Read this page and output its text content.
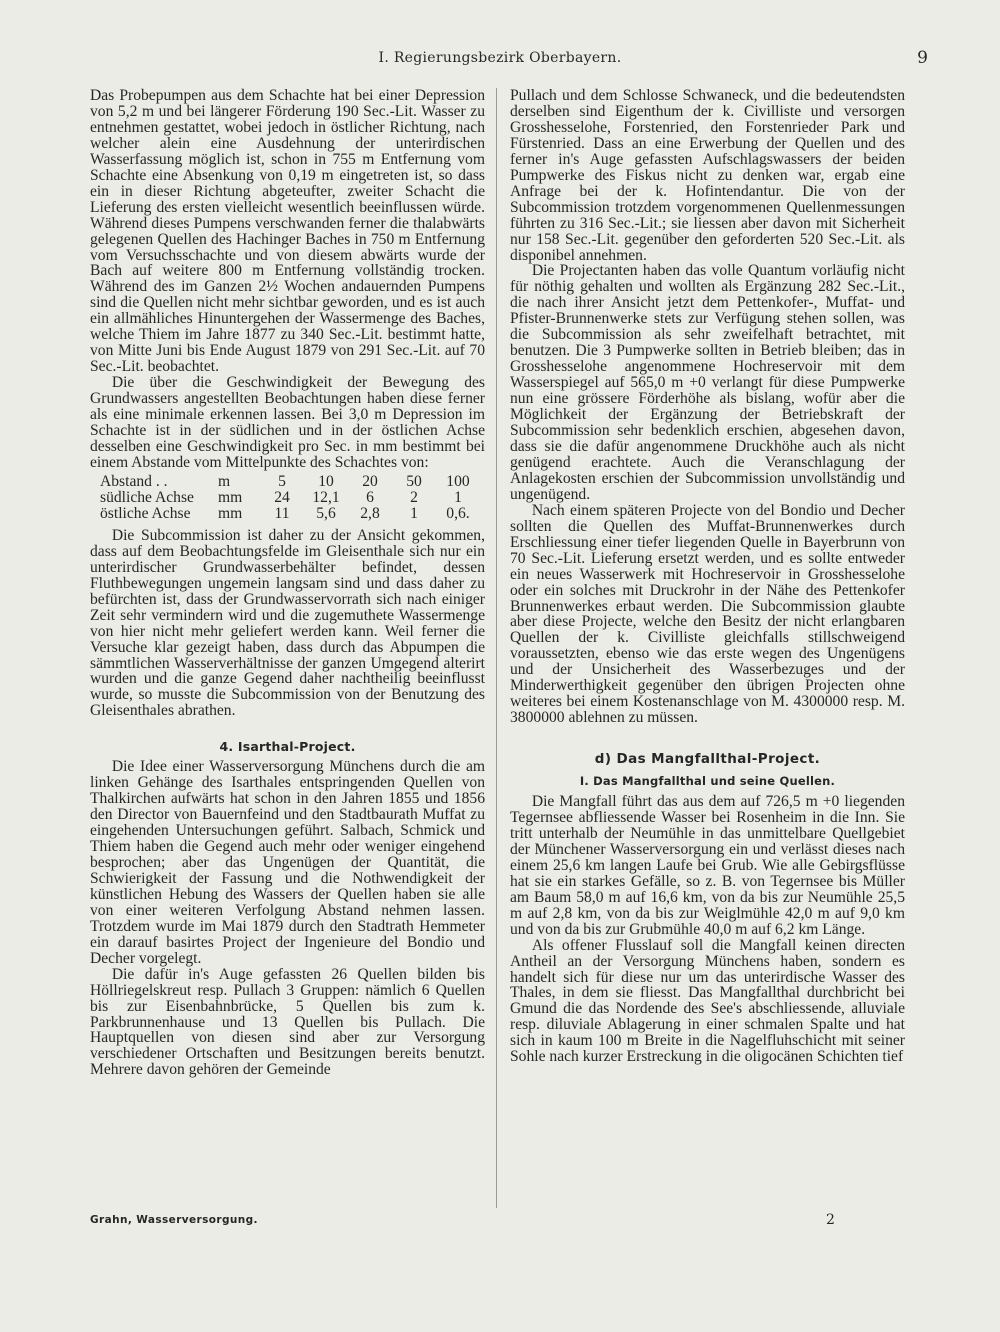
I. Regierungsbezirk Oberbayern.	9

Das Probepumpen aus dem Schachte hat bei einer Depression von 5,2 m und bei längerer Förderung 190 Sec.-Lit. Wasser zu entnehmen gestattet, wobei jedoch in östlicher Richtung, nach welcher alein eine Ausdehnung der unterirdischen Wasserfassung möglich ist, schon in 755 m Entfernung vom Schachte eine Absenkung von 0,19 m eingetreten ist, so dass ein in dieser Richtung abgeteufter, zweiter Schacht die Lieferung des ersten vielleicht wesentlich beeinflussen würde. Während dieses Pumpens verschwanden ferner die thalabwärts gelegenen Quellen des Hachinger Baches in 750 m Entfernung vom Versuchsschachte und von diesem abwärts wurde der Bach auf weitere 800 m Entfernung vollständig trocken. Während des im Ganzen 2½ Wochen andauernden Pumpens sind die Quellen nicht mehr sichtbar geworden, und es ist auch ein allmähliches Hinuntergehen der Wassermenge des Baches, welche Thiem im Jahre 1877 zu 340 Sec.-Lit. bestimmt hatte, von Mitte Juni bis Ende August 1879 von 291 Sec.-Lit. auf 70 Sec.-Lit. beobachtet.

Die über die Geschwindigkeit der Bewegung des Grundwassers angestellten Beobachtungen haben diese ferner als eine minimale erkennen lassen. Bei 3,0 m Depression im Schachte ist in der südlichen und in der östlichen Achse desselben eine Geschwindigkeit pro Sec. in mm bestimmt bei einem Abstande vom Mittelpunkte des Schachtes von:

Abstand . .	m	5	10	20	50	100
südliche Achse	mm	24	12,1	6	2	1
östliche Achse	mm	11	5,6	2,8	1	0,6.

Die Subcommission ist daher zu der Ansicht gekommen, dass auf dem Beobachtungsfelde im Gleisenthale sich nur ein unterirdischer Grundwasserbehälter befindet, dessen Fluthbewegungen ungemein langsam sind und dass daher zu befürchten ist, dass der Grundwasservorrath sich nach einiger Zeit sehr vermindern wird und die zugemuthete Wassermenge von hier nicht mehr geliefert werden kann. Weil ferner die Versuche klar gezeigt haben, dass durch das Abpumpen die sämmtlichen Wasserverhältnisse der ganzen Umgegend alterirt wurden und die ganze Gegend daher nachtheilig beeinflusst wurde, so musste die Subcommission von der Benutzung des Gleisenthales abrathen.

4. Isarthal-Project.

Die Idee einer Wasserversorgung Münchens durch die am linken Gehänge des Isarthales entspringenden Quellen von Thalkirchen aufwärts hat schon in den Jahren 1855 und 1856 den Director von Bauernfeind und den Stadtbaurath Muffat zu eingehenden Untersuchungen geführt. Salbach, Schmick und Thiem haben die Gegend auch mehr oder weniger eingehend besprochen; aber das Ungenügen der Quantität, die Schwierigkeit der Fassung und die Nothwendigkeit der künstlichen Hebung des Wassers der Quellen haben sie alle von einer weiteren Verfolgung Abstand nehmen lassen. Trotzdem wurde im Mai 1879 durch den Stadtrath Hemmeter ein darauf basirtes Project der Ingenieure del Bondio und Decher vorgelegt.

Die dafür in's Auge gefassten 26 Quellen bilden bis Höllriegelskreut resp. Pullach 3 Gruppen: nämlich 6 Quellen bis zur Eisenbahnbrücke, 5 Quellen bis zum k. Parkbrunnenhause und 13 Quellen bis Pullach. Die Hauptquellen von diesen sind aber zur Versorgung verschiedener Ortschaften und Besitzungen bereits benutzt. Mehrere davon gehören der Gemeinde

Pullach und dem Schlosse Schwaneck, und die bedeutendsten derselben sind Eigenthum der k. Civilliste und versorgen Grosshesselohe, Forstenried, den Forstenrieder Park und Fürstenried. Dass an eine Erwerbung der Quellen und des ferner in's Auge gefassten Aufschlagswassers der beiden Pumpwerke des Fiskus nicht zu denken war, ergab eine Anfrage bei der k. Hofintendantur. Die von der Subcommission trotzdem vorgenommenen Quellenmessungen führten zu 316 Sec.-Lit.; sie liessen aber davon mit Sicherheit nur 158 Sec.-Lit. gegenüber den geforderten 520 Sec.-Lit. als disponibel annehmen.

Die Projectanten haben das volle Quantum vorläufig nicht für nöthig gehalten und wollten als Ergänzung 282 Sec.-Lit., die nach ihrer Ansicht jetzt dem Pettenkofer-, Muffat- und Pfister-Brunnenwerke stets zur Verfügung stehen sollen, was die Subcommission als sehr zweifelhaft betrachtet, mit benutzen. Die 3 Pumpwerke sollten in Betrieb bleiben; das in Grosshesselohe angenommene Hochreservoir mit dem Wasserspiegel auf 565,0 m +0 verlangt für diese Pumpwerke nun eine grössere Förderhöhe als bislang, wofür aber die Möglichkeit der Ergänzung der Betriebskraft der Subcommission sehr bedenklich erschien, abgesehen davon, dass sie die dafür angenommene Druckhöhe auch als nicht genügend erachtete. Auch die Veranschlagung der Anlagekosten erschien der Subcommission unvollständig und ungenügend.

Nach einem späteren Projecte von del Bondio und Decher sollten die Quellen des Muffat-Brunnenwerkes durch Erschliessung einer tiefer liegenden Quelle in Bayerbrunn von 70 Sec.-Lit. Lieferung ersetzt werden, und es sollte entweder ein neues Wasserwerk mit Hochreservoir in Grosshesselohe oder ein solches mit Druckrohr in der Nähe des Pettenkofer Brunnenwerkes erbaut werden. Die Subcommission glaubte aber diese Projecte, welche den Besitz der nicht erlangbaren Quellen der k. Civilliste gleichfalls stillschweigend voraussetzten, ebenso wie das erste wegen des Ungenügens und der Unsicherheit des Wasserbezuges und der Minderwerthigkeit gegenüber den übrigen Projecten ohne weiteres bei einem Kostenanschlage von M. 4300000 resp. M. 3800000 ablehnen zu müssen.

d) Das Mangfallthal-Project.
I. Das Mangfallthal und seine Quellen.

Die Mangfall führt das aus dem auf 726,5 m +0 liegenden Tegernsee abfliessende Wasser bei Rosenheim in die Inn. Sie tritt unterhalb der Neumühle in das unmittelbare Quellgebiet der Münchener Wasserversorgung ein und verlässt dieses nach einem 25,6 km langen Laufe bei Grub. Wie alle Gebirgsflüsse hat sie ein starkes Gefälle, so z. B. von Tegernsee bis Müller am Baum 58,0 m auf 16,6 km, von da bis zur Neumühle 25,5 m auf 2,8 km, von da bis zur Weiglmühle 42,0 m auf 9,0 km und von da bis zur Grubmühle 40,0 m auf 6,2 km Länge.

Als offener Flusslauf soll die Mangfall keinen directen Antheil an der Versorgung Münchens haben, sondern es handelt sich für diese nur um das unterirdische Wasser des Thales, in dem sie fliesst. Das Mangfallthal durchbricht bei Gmund die das Nordende des See's abschliessende, alluviale resp. diluviale Ablagerung in einer schmalen Spalte und hat sich in kaum 100 m Breite in die Nagelfluhschicht mit seiner Sohle nach kurzer Erstreckung in die oligocänen Schichten tief

Grahn, Wasserversorgung.	2
